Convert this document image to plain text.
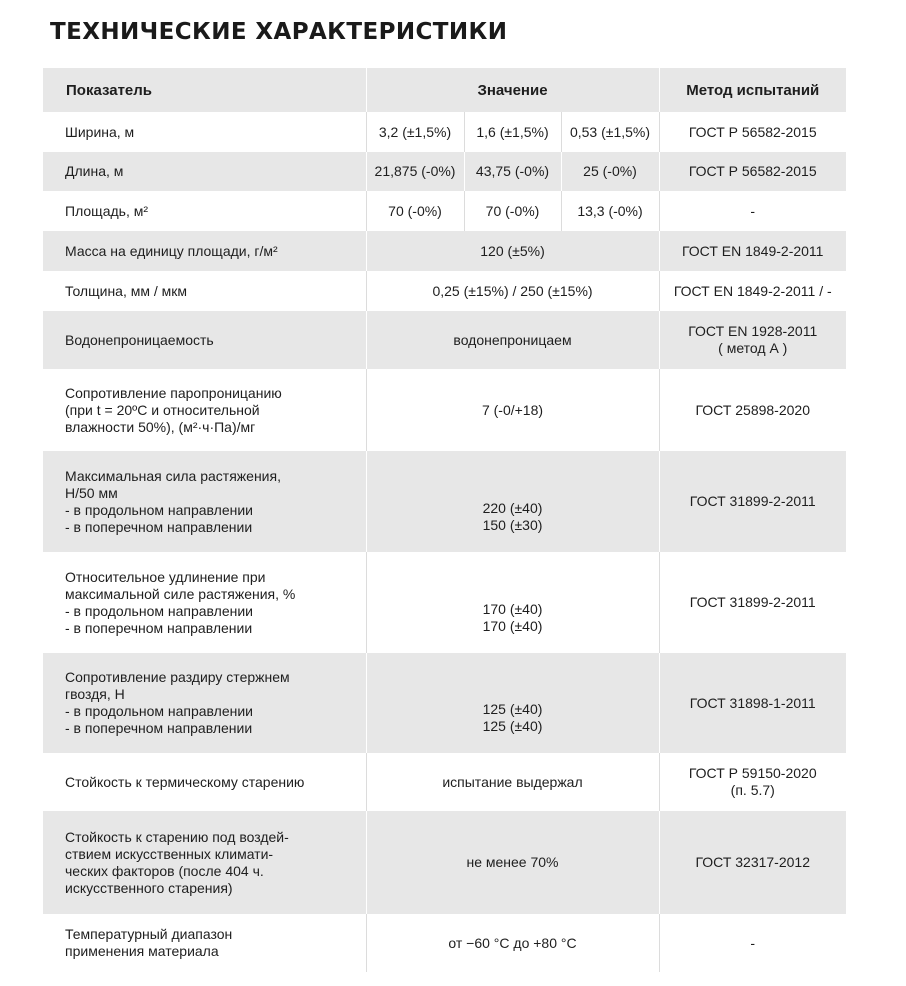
ТЕХНИЧЕСКИЕ ХАРАКТЕРИСТИКИ
Показатель	Значение			Метод испытаний
Ширина, м	3,2 (±1,5%)	1,6 (±1,5%)	0,53 (±1,5%)	ГОСТ Р 56582-2015
Длина, м	21,875 (-0%)	43,75 (-0%)	25 (-0%)	ГОСТ Р 56582-2015
Площадь, м²	70 (-0%)	70 (-0%)	13,3 (-0%)	-
Масса на единицу площади, г/м²	120 (±5%)			ГОСТ EN 1849-2-2011
Толщина, мм / мкм	0,25 (±15%) / 250 (±15%)			ГОСТ EN 1849-2-2011 / -
Водонепроницаемость	водонепроницаем			ГОСТ EN 1928-2011
( метод А )

Сопротивление паропроницанию
(при t = 20ºС и относительной
влажности 50%), (м²·ч·Па)/мг	7 (-0/+18)			ГОСТ 25898-2020

Максимальная сила растяжения,
Н/50 мм
- в продольном направлении
- в поперечном направлении	220 (±40)
150 (±30)			ГОСТ 31899-2-2011

Относительное удлинение при
максимальной силе растяжения, %
- в продольном направлении
- в поперечном направлении	170 (±40)
170 (±40)			ГОСТ 31899-2-2011

Сопротивление раздиру стержнем
гвоздя, Н
- в продольном направлении
- в поперечном направлении	125 (±40)
125 (±40)			ГОСТ 31898-1-2011
Стойкость к термическому старению	испытание выдержал			ГОСТ Р 59150-2020
(п. 5.7)

Стойкость к старению под воздей-
ствием искусственных климати-
ческих факторов (после 404 ч.
искусственного старения)	не менее 70%			ГОСТ 32317-2012

Температурный диапазон
применения материала	от −60 °С до +80 °С			-
